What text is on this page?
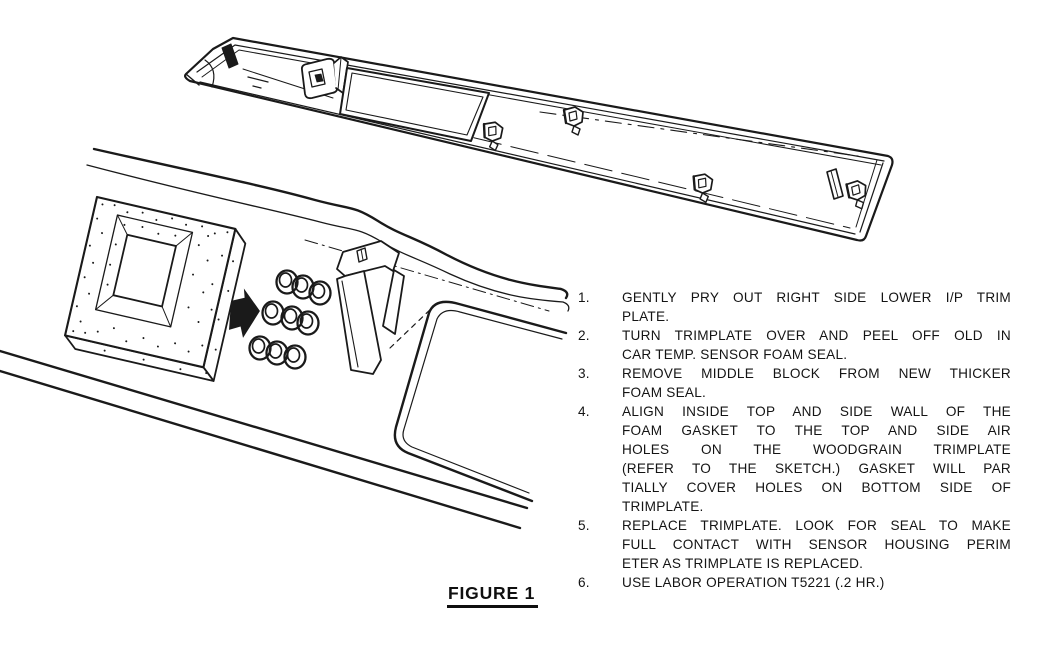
1.	GENTLY PRY OUT RIGHT SIDE LOWER I/P TRIM
PLATE.
2.	TURN TRIMPLATE OVER AND PEEL OFF OLD IN
CAR TEMP. SENSOR FOAM SEAL.
3.	REMOVE MIDDLE BLOCK FROM NEW THICKER
FOAM SEAL.
4.	ALIGN INSIDE TOP AND SIDE WALL OF THE
FOAM GASKET TO THE TOP AND SIDE AIR
HOLES ON THE WOODGRAIN TRIMPLATE
(REFER TO THE SKETCH.) GASKET WILL PAR
TIALLY COVER HOLES ON BOTTOM SIDE OF
TRIMPLATE.
5.	REPLACE TRIMPLATE. LOOK FOR SEAL TO MAKE
FULL CONTACT WITH SENSOR HOUSING PERIM
ETER AS TRIMPLATE IS REPLACED.
6.	USE LABOR OPERATION T5221 (.2 HR.)
FIGURE 1
